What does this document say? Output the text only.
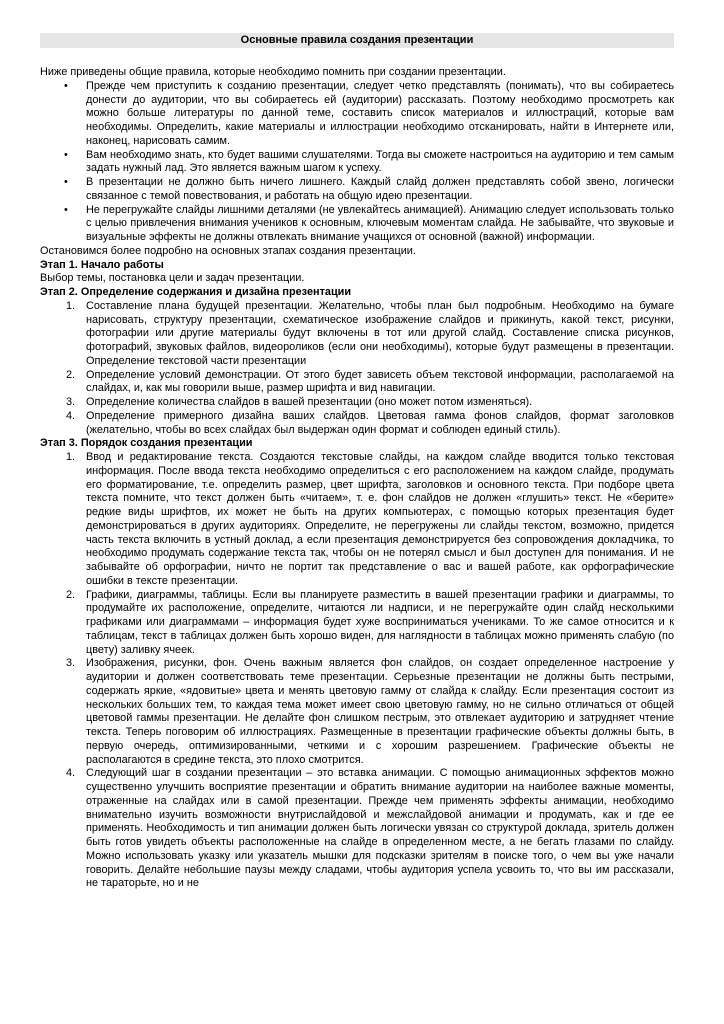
Основные правила создания презентации

Ниже приведены общие правила, которые необходимо помнить при создании презентации.

• Прежде чем приступить к созданию презентации, следует четко представлять (понимать), что вы собираетесь донести до аудитории, что вы собираетесь ей (аудитории) рассказать. Поэтому необходимо просмотреть как можно больше литературы по данной теме, составить список материалов и иллюстраций, которые вам необходимы. Определить, какие материалы и иллюстрации необходимо отсканировать, найти в Интернете или, наконец, нарисовать самим.
• Вам необходимо знать, кто будет вашими слушателями. Тогда вы сможете настроиться на аудиторию и тем самым задать нужный лад. Это является важным шагом к успеху.
• В презентации не должно быть ничего лишнего. Каждый слайд должен представлять собой звено, логически связанное с темой повествования, и работать на общую идею презентации.
• Не перегружайте слайды лишними деталями (не увлекайтесь анимацией). Анимацию следует использовать только с целью привлечения внимания учеников к основным, ключевым моментам слайда. Не забывайте, что звуковые и визуальные эффекты не должны отвлекать внимание учащихся от основной (важной) информации.

Остановимся более подробно на основных этапах создания презентации.

Этап 1. Начало работы

Выбор темы, постановка цели и задач презентации.

Этап 2. Определение содержания и дизайна презентации

1. Составление плана будущей презентации. Желательно, чтобы план был подробным. Необходимо на бумаге нарисовать, структуру презентации, схематическое изображение слайдов и прикинуть, какой текст, рисунки, фотографии или другие материалы будут включены в тот или другой слайд. Составление списка рисунков, фотографий, звуковых файлов, видеороликов (если они необходимы), которые будут размещены в презентации. Определение текстовой части презентации
2. Определение условий демонстрации. От этого будет зависеть объем текстовой информации, располагаемой на слайдах, и, как мы говорили выше, размер шрифта и вид навигации.
3. Определение количества слайдов в вашей презентации (оно может потом изменяться).
4. Определение примерного дизайна ваших слайдов. Цветовая гамма фонов слайдов, формат заголовков (желательно, чтобы во всех слайдах был выдержан один формат и соблюден единый стиль).

Этап 3. Порядок создания презентации

1. Ввод и редактирование текста. Создаются текстовые слайды, на каждом слайде вводится только текстовая информация. После ввода текста необходимо определиться с его расположением на каждом слайде, продумать его форматирование, т.е. определить размер, цвет шрифта, заголовков и основного текста. При подборе цвета текста помните, что текст должен быть «читаем», т. е. фон слайдов не должен «глушить» текст. Не «берите» редкие виды шрифтов, их может не быть на других компьютерах, с помощью которых презентация будет демонстрироваться в других аудиториях. Определите, не перегружены ли слайды текстом, возможно, придется часть текста включить в устный доклад, а если презентация демонстрируется без сопровождения докладчика, то необходимо продумать содержание текста так, чтобы он не потерял смысл и был доступен для понимания. И не забывайте об орфографии, ничто не портит так представление о вас и вашей работе, как орфографические ошибки в тексте презентации.
2. Графики, диаграммы, таблицы. Если вы планируете разместить в вашей презентации графики и диаграммы, то продумайте их расположение, определите, читаются ли надписи, и не перегружайте один слайд несколькими графиками или диаграммами – информация будет хуже восприниматься учениками. То же самое относится и к таблицам, текст в таблицах должен быть хорошо виден, для наглядности в таблицах можно применять слабую (по цвету) заливку ячеек.
3. Изображения, рисунки, фон. Очень важным является фон слайдов, он создает определенное настроение у аудитории и должен соответствовать теме презентации. Серьезные презентации не должны быть пестрыми, содержать яркие, «ядовитые» цвета и менять цветовую гамму от слайда к слайду. Если презентация состоит из нескольких больших тем, то каждая тема может имеет свою цветовую гамму, но не сильно отличаться от общей цветовой гаммы презентации. Не делайте фон слишком пестрым, это отвлекает аудиторию и затрудняет чтение текста. Теперь поговорим об иллюстрациях. Размещенные в презентации графические объекты должны быть, в первую очередь, оптимизированными, четкими и с хорошим разрешением. Графические объекты не располагаются в средине текста, это плохо смотрится.
4. Следующий шаг в создании презентации – это вставка анимации. С помощью анимационных эффектов можно существенно улучшить восприятие презентации и обратить внимание аудитории на наиболее важные моменты, отраженные на слайдах или в самой презентации. Прежде чем применять эффекты анимации, необходимо внимательно изучить возможности внутрислайдовой и межслайдовой анимации и продумать, как и где ее применять. Необходимость и тип анимации должен быть логически увязан со структурой доклада, зритель должен быть готов увидеть объекты расположенные на слайде в определенном месте, а не бегать глазами по слайду. Можно использовать указку или указатель мышки для подсказки зрителям в поиске того, о чем вы уже начали говорить. Делайте небольшие паузы между сладами, чтобы аудитория успела усвоить то, что вы им рассказали, не тараторьте, но и не
